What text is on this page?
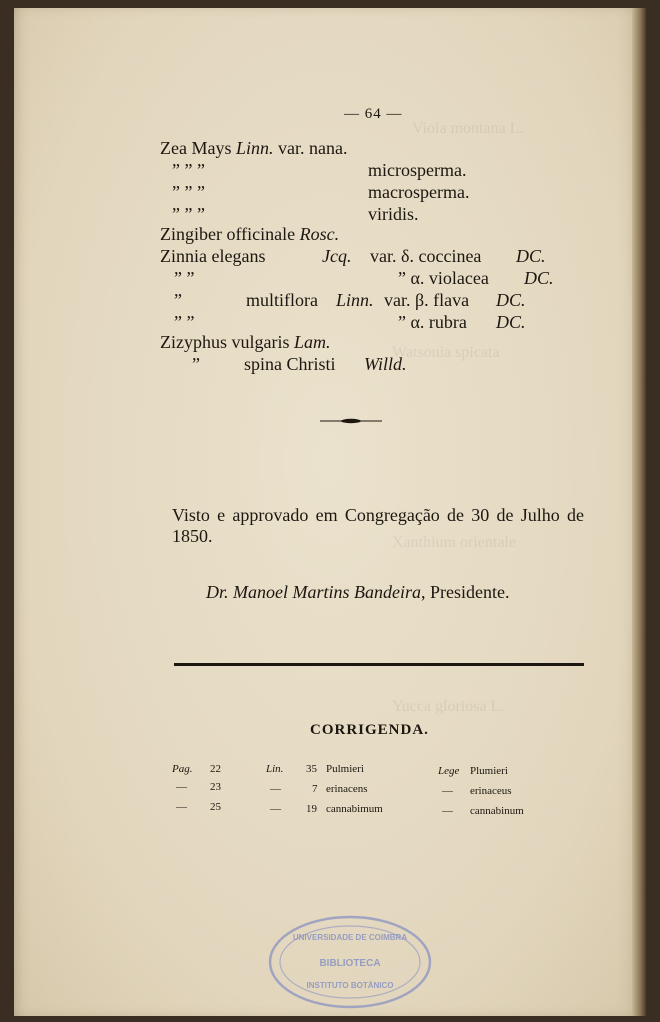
Viola montana L.
Watsonia spicata
Xanthium orientale
Yucca gloriosa L.
— 64 —
Zea Mays Linn. var. nana.
” ” ”	microsperma.
” ” ”	macrosperma.
” ” ”	viridis.
Zingiber officinale Rosc.
Zinnia elegans	Jcq. var. δ. coccinea DC.
” ”	” α. violacea DC.
”	multiflora Linn. var. β. flava DC.
” ”	” α. rubra DC.
Zizyphus vulgaris Lam.
” spina Christi Willd.
Visto e approvado em Congregação de 30 de Julho de 1850.
Dr. Manoel Martins Bandeira, Presidente.
CORRIGENDA.
Pag. 22	Lin. 35 Pulmieri	Lege Plumieri
— 23	—	7 erinacens	— erinaceus
— 25	— 19 cannabimum	— cannabinum
UNIVERSIDADE DE COIMBRA
BIBLIOTECA
INSTITUTO BOTÂNICO
